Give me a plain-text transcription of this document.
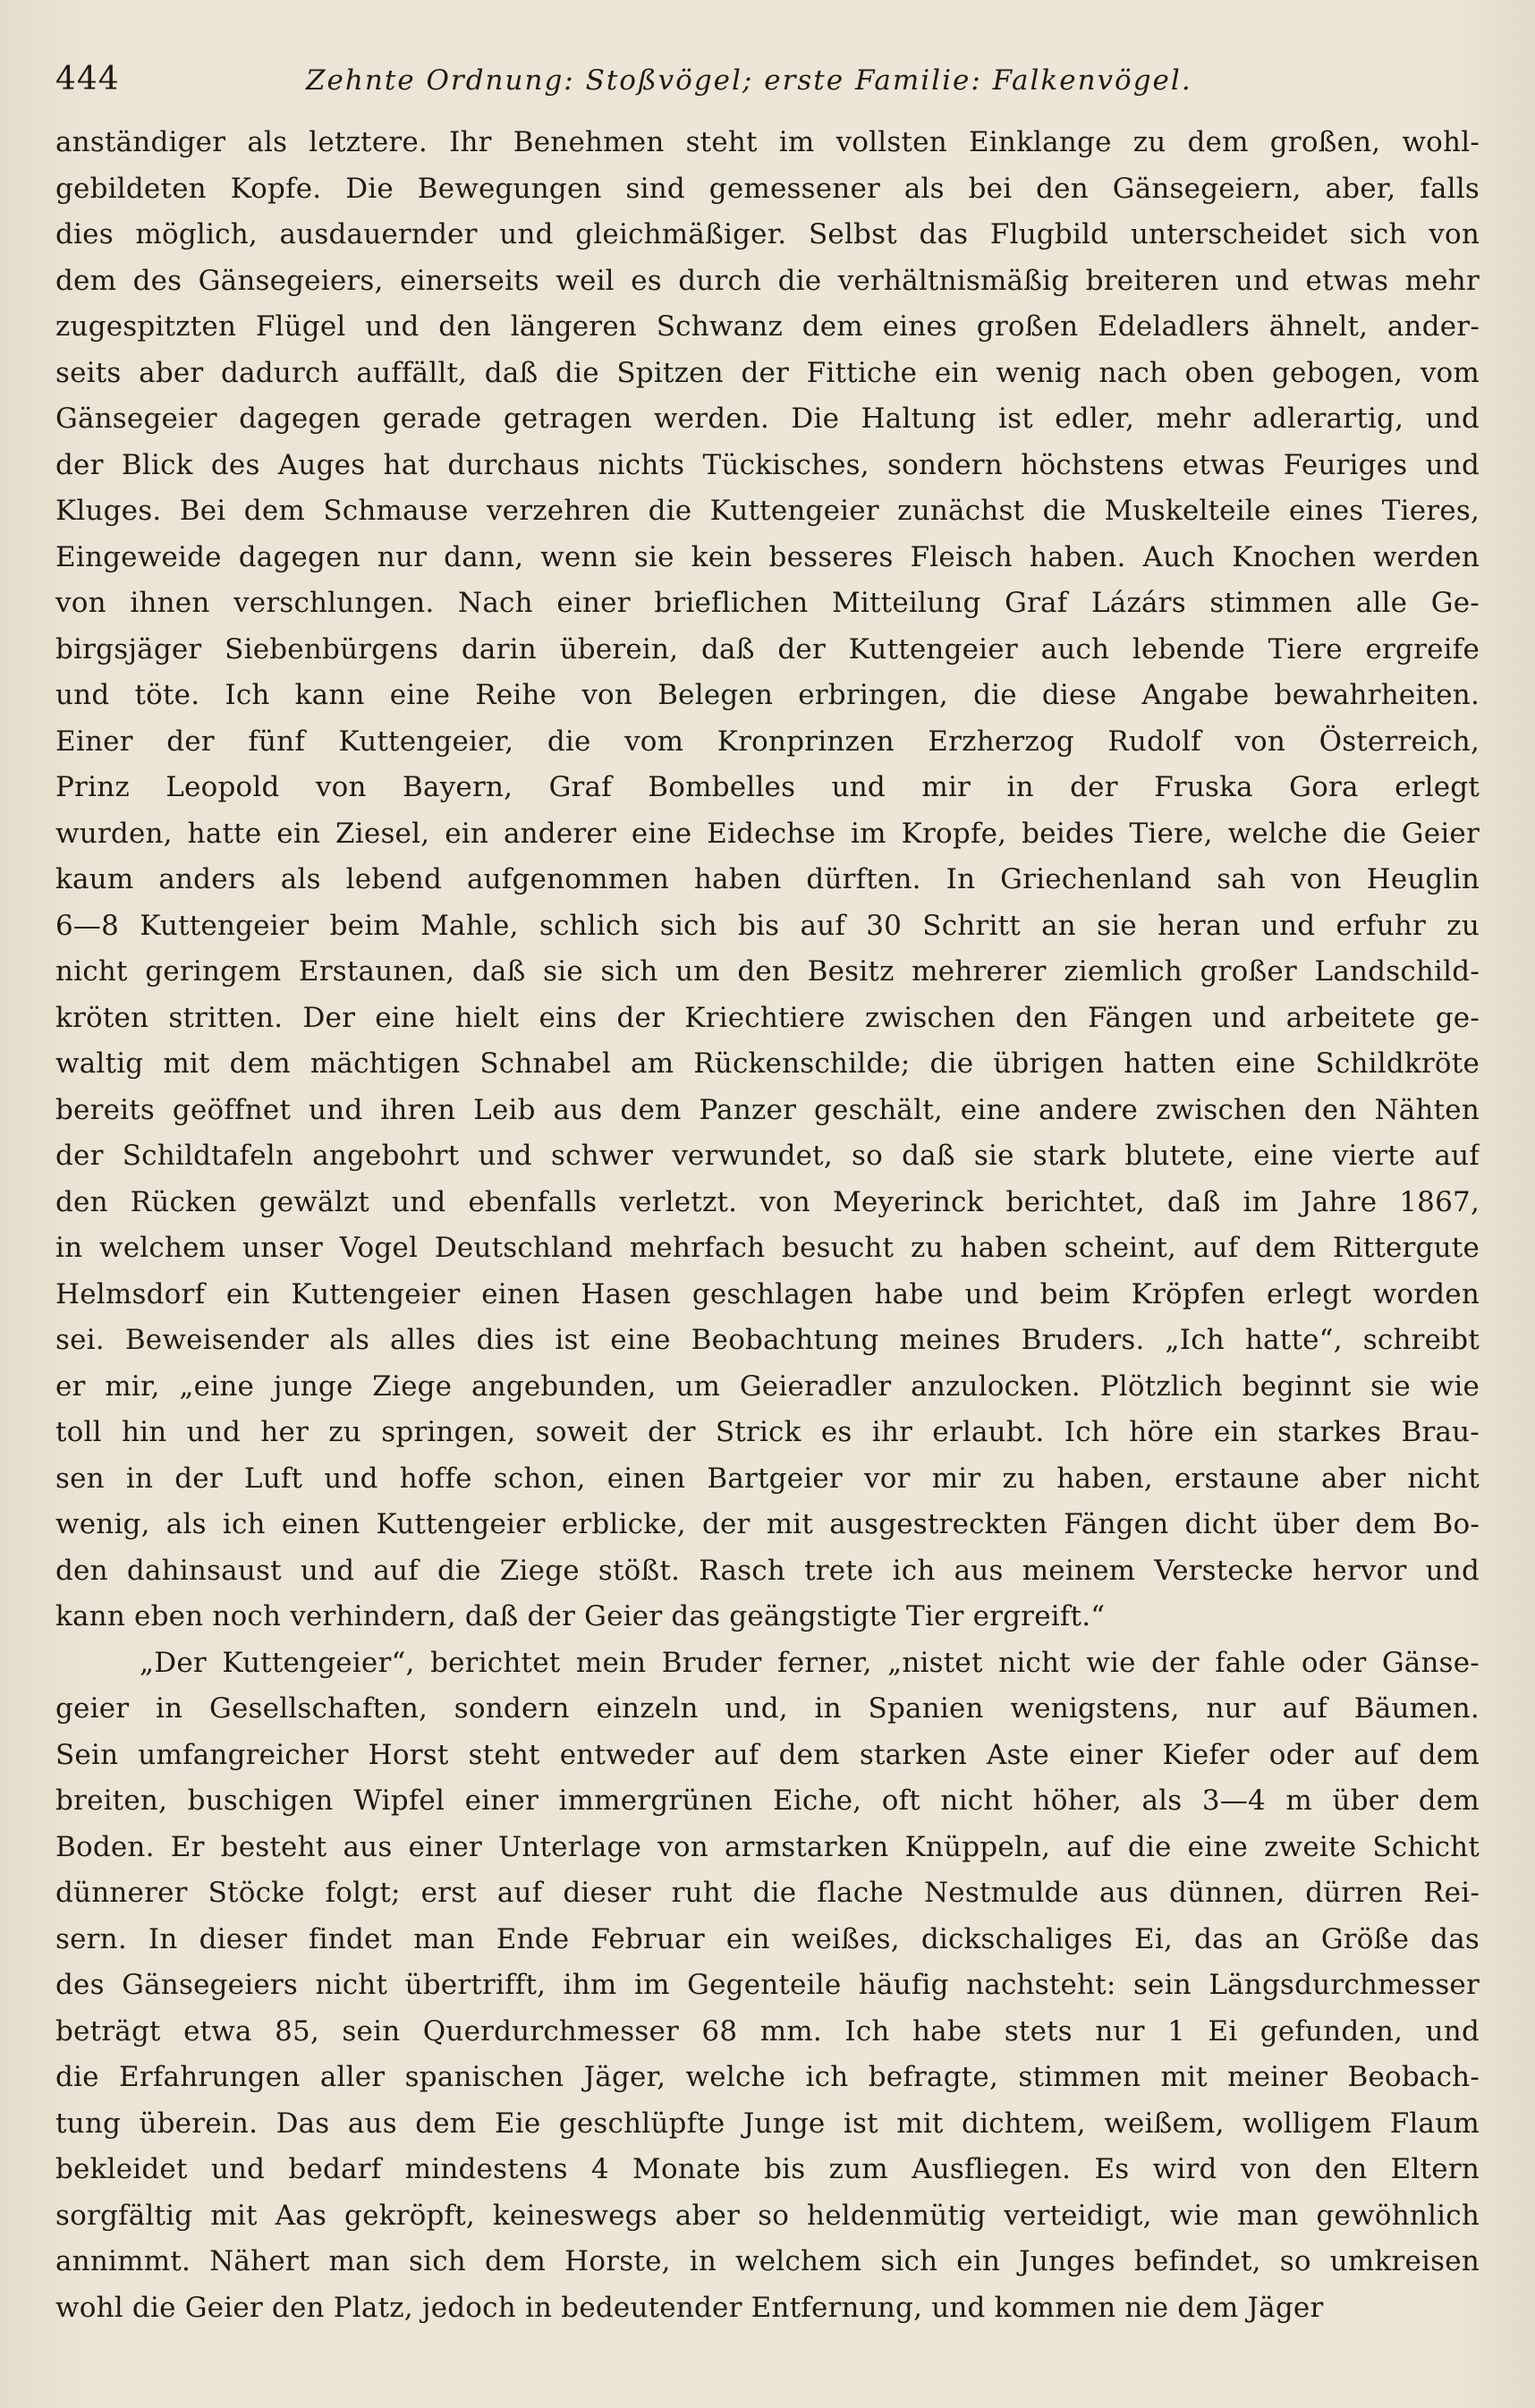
444	Zehnte Ordnung: Stoßvögel; erste Familie: Falkenvögel.
anständiger als letztere. Ihr Benehmen steht im vollsten Einklange zu dem großen, wohl-
gebildeten Kopfe. Die Bewegungen sind gemessener als bei den Gänsegeiern, aber, falls
dies möglich, ausdauernder und gleichmäßiger. Selbst das Flugbild unterscheidet sich von
dem des Gänsegeiers, einerseits weil es durch die verhältnismäßig breiteren und etwas mehr
zugespitzten Flügel und den längeren Schwanz dem eines großen Edeladlers ähnelt, ander-
seits aber dadurch auffällt, daß die Spitzen der Fittiche ein wenig nach oben gebogen, vom
Gänsegeier dagegen gerade getragen werden. Die Haltung ist edler, mehr adlerartig, und
der Blick des Auges hat durchaus nichts Tückisches, sondern höchstens etwas Feuriges und
Kluges. Bei dem Schmause verzehren die Kuttengeier zunächst die Muskelteile eines Tieres,
Eingeweide dagegen nur dann, wenn sie kein besseres Fleisch haben. Auch Knochen werden
von ihnen verschlungen. Nach einer brieflichen Mitteilung Graf Lázárs stimmen alle Ge-
birgsjäger Siebenbürgens darin überein, daß der Kuttengeier auch lebende Tiere ergreife
und töte. Ich kann eine Reihe von Belegen erbringen, die diese Angabe bewahrheiten.
Einer der fünf Kuttengeier, die vom Kronprinzen Erzherzog Rudolf von Österreich,
Prinz Leopold von Bayern, Graf Bombelles und mir in der Fruska Gora erlegt
wurden, hatte ein Ziesel, ein anderer eine Eidechse im Kropfe, beides Tiere, welche die Geier
kaum anders als lebend aufgenommen haben dürften. In Griechenland sah von Heuglin
6—8 Kuttengeier beim Mahle, schlich sich bis auf 30 Schritt an sie heran und erfuhr zu
nicht geringem Erstaunen, daß sie sich um den Besitz mehrerer ziemlich großer Landschild-
kröten stritten. Der eine hielt eins der Kriechtiere zwischen den Fängen und arbeitete ge-
waltig mit dem mächtigen Schnabel am Rückenschilde; die übrigen hatten eine Schildkröte
bereits geöffnet und ihren Leib aus dem Panzer geschält, eine andere zwischen den Nähten
der Schildtafeln angebohrt und schwer verwundet, so daß sie stark blutete, eine vierte auf
den Rücken gewälzt und ebenfalls verletzt. von Meyerinck berichtet, daß im Jahre 1867,
in welchem unser Vogel Deutschland mehrfach besucht zu haben scheint, auf dem Rittergute
Helmsdorf ein Kuttengeier einen Hasen geschlagen habe und beim Kröpfen erlegt worden
sei. Beweisender als alles dies ist eine Beobachtung meines Bruders. „Ich hatte“, schreibt
er mir, „eine junge Ziege angebunden, um Geieradler anzulocken. Plötzlich beginnt sie wie
toll hin und her zu springen, soweit der Strick es ihr erlaubt. Ich höre ein starkes Brau-
sen in der Luft und hoffe schon, einen Bartgeier vor mir zu haben, erstaune aber nicht
wenig, als ich einen Kuttengeier erblicke, der mit ausgestreckten Fängen dicht über dem Bo-
den dahinsaust und auf die Ziege stößt. Rasch trete ich aus meinem Verstecke hervor und
kann eben noch verhindern, daß der Geier das geängstigte Tier ergreift.“
„Der Kuttengeier“, berichtet mein Bruder ferner, „nistet nicht wie der fahle oder Gänse-
geier in Gesellschaften, sondern einzeln und, in Spanien wenigstens, nur auf Bäumen.
Sein umfangreicher Horst steht entweder auf dem starken Aste einer Kiefer oder auf dem
breiten, buschigen Wipfel einer immergrünen Eiche, oft nicht höher, als 3—4 m über dem
Boden. Er besteht aus einer Unterlage von armstarken Knüppeln, auf die eine zweite Schicht
dünnerer Stöcke folgt; erst auf dieser ruht die flache Nestmulde aus dünnen, dürren Rei-
sern. In dieser findet man Ende Februar ein weißes, dickschaliges Ei, das an Größe das
des Gänsegeiers nicht übertrifft, ihm im Gegenteile häufig nachsteht: sein Längsdurchmesser
beträgt etwa 85, sein Querdurchmesser 68 mm. Ich habe stets nur 1 Ei gefunden, und
die Erfahrungen aller spanischen Jäger, welche ich befragte, stimmen mit meiner Beobach-
tung überein. Das aus dem Eie geschlüpfte Junge ist mit dichtem, weißem, wolligem Flaum
bekleidet und bedarf mindestens 4 Monate bis zum Ausfliegen. Es wird von den Eltern
sorgfältig mit Aas gekröpft, keineswegs aber so heldenmütig verteidigt, wie man gewöhnlich
annimmt. Nähert man sich dem Horste, in welchem sich ein Junges befindet, so umkreisen
wohl die Geier den Platz, jedoch in bedeutender Entfernung, und kommen nie dem Jäger
